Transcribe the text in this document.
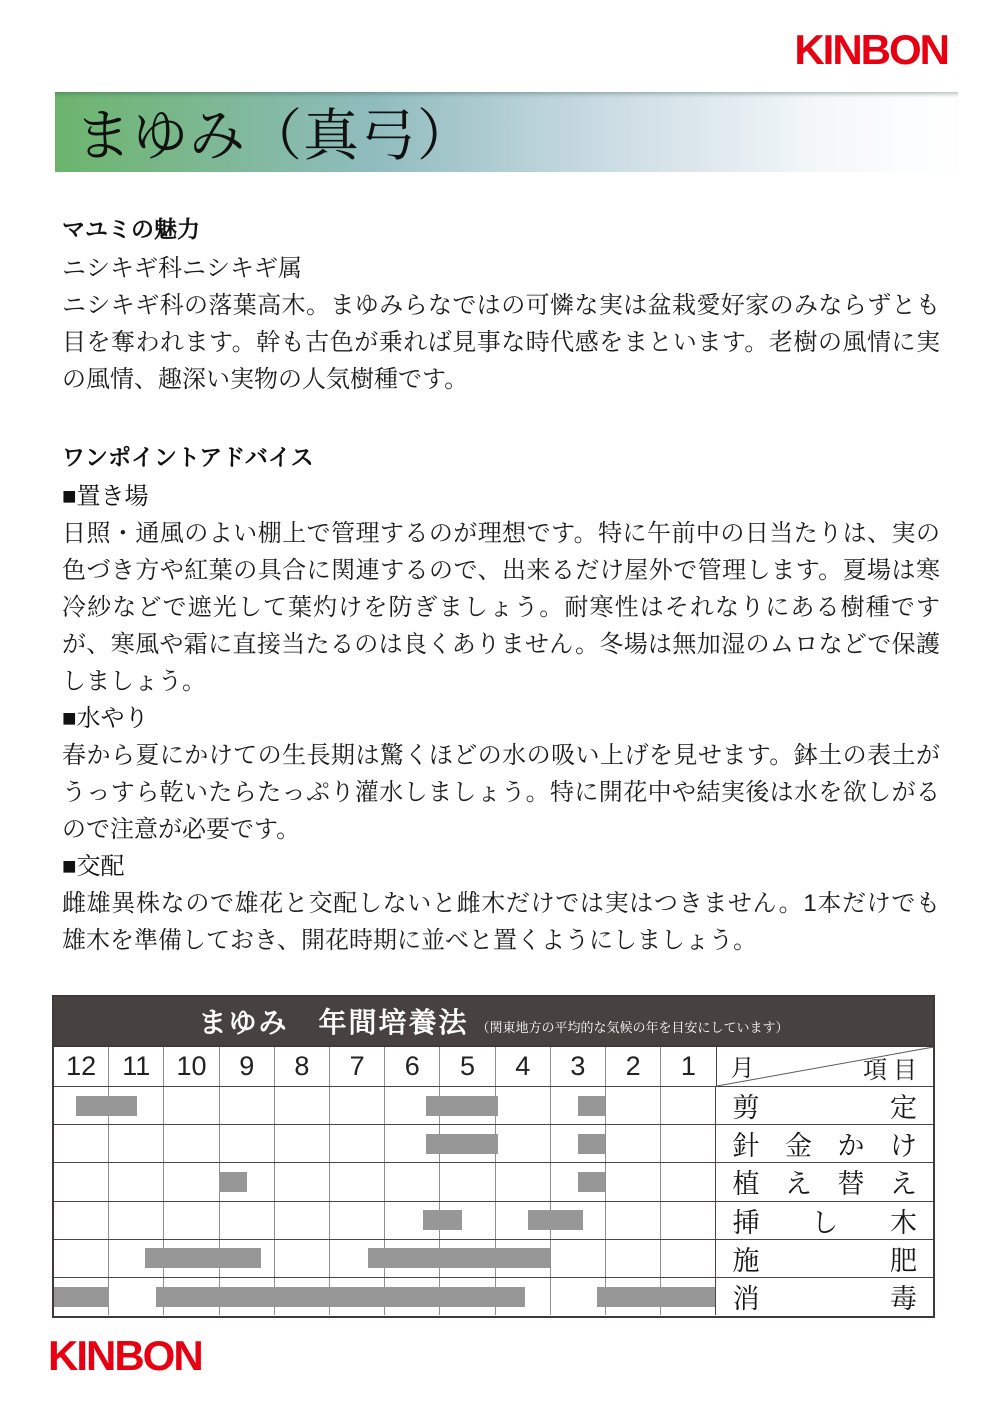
KINBON
まゆみ（真弓）
マユミの魅力
ニシキギ科ニシキギ属
ニシキギ科の落葉高木。まゆみらなではの可憐な実は盆栽愛好家のみならずとも目を奪われます。幹も古色が乗れば見事な時代感をまといます。老樹の風情に実の風情、趣深い実物の人気樹種です。
ワンポイントアドバイス
■置き場
日照・通風のよい棚上で管理するのが理想です。特に午前中の日当たりは、実の色づき方や紅葉の具合に関連するので、出来るだけ屋外で管理します。夏場は寒冷紗などで遮光して葉灼けを防ぎましょう。耐寒性はそれなりにある樹種ですが、寒風や霜に直接当たるのは良くありません。冬場は無加湿のムロなどで保護しましょう。
■水やり
春から夏にかけての生長期は驚くほどの水の吸い上げを見せます。鉢土の表土がうっすら乾いたらたっぷり灌水しましょう。特に開花中や結実後は水を欲しがるので注意が必要です。
■交配
雌雄異株なので雄花と交配しないと雌木だけでは実はつきません。1本だけでも雄木を準備しておき、開花時期に並べと置くようにしましょう。
まゆみ　年間培養法 （関東地方の平均的な気候の年を目安にしています）
12 11 10	9	8	7	6	5	4	3	2	1	月	項目
剪	定
針 金 か け
植 え 替 え
挿 し 木
施	肥
消	毒
KINBON
